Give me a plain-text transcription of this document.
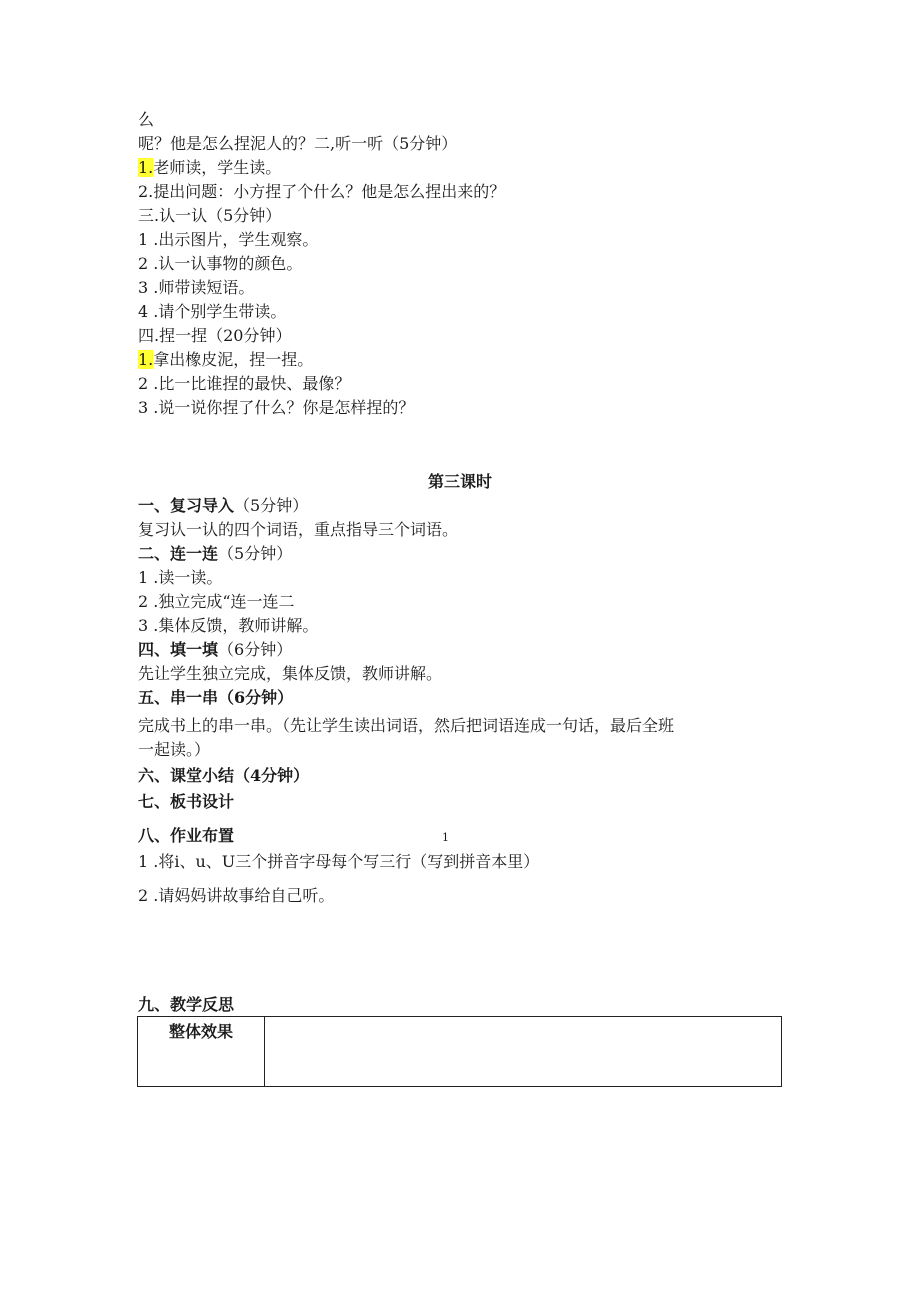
么
呢？他是怎么捏泥人的？二,听一听（5分钟）
1.老师读，学生读。
2.提出问题：小方捏了个什么？他是怎么捏出来的？
三.认一认（5分钟）
1 .出示图片，学生观察。
2 .认一认事物的颜色。
3 .师带读短语。
4 .请个别学生带读。
四.捏一捏（20分钟）
1.拿出橡皮泥，捏一捏。
2 .比一比谁捏的最快、最像？
3 .说一说你捏了什么？你是怎样捏的？
第三课时
一、复习导入（5分钟）
复习认一认的四个词语，重点指导三个词语。
二、连一连（5分钟）
1 .读一读。
2 .独立完成“连一连二
3 .集体反馈，教师讲解。
四、填一填（6分钟）
先让学生独立完成，集体反馈，教师讲解。
五、串一串（6分钟）
完成书上的串一串。（先让学生读出词语，然后把词语连成一句话，最后全班
一起读。）
六、课堂小结（4分钟）
七、板书设计
八、作业布置	1
1 .将i、u、U三个拼音字母每个写三行（写到拼音本里）
2 .请妈妈讲故事给自己听。
九、教学反思
整体效果	
